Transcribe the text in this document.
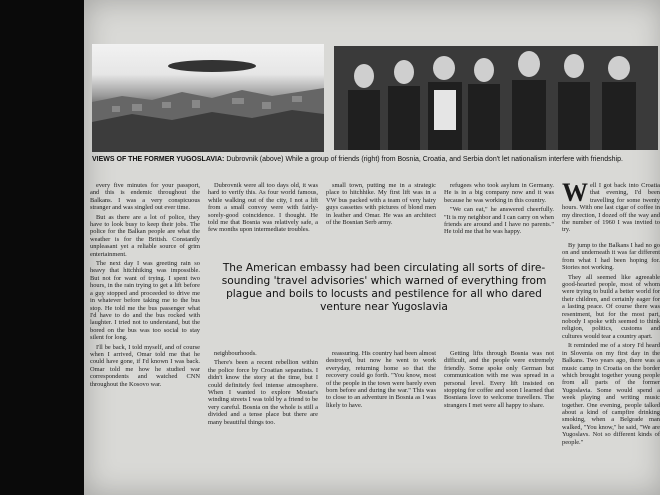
VIEWS OF THE FORMER YUGOSLAVIA: Dubrovnik (above) While a group of friends (right) from Bosnia, Croatia, and Serbia don't let nationalism interfere with friendship.

every five minutes for your passport, and this is endemic throughout the Balkans. I was a very conspicuous stranger and was singled out ever time.

But as there are a lot of police, they have to look busy to keep their jobs. The police for the Balkan people are what the weather is for the British. Constantly unpleasant yet a reliable source of grim entertainment.

The next day I was greeting rain so heavy that hitchhiking was impossible. But not for want of trying. I spent two hours, in the rain trying to get a lift before a guy stopped and proceeded to drive me in whatever before taking me to the bus stop. He told me the bus passenger what I'd have to do and the bus rocked with laughter. I tried not to understand, but the bored on the bus was too social to stay silent for long.

I'll be back, I told myself, and of course when I arrived, Omar told me that he could have gone, if I'd known I was back. Omar told me how he studied war correspondents and watched CNN throughout the Kosovo war.

Dubrovnik were all too days old, it was hard to verify this. As four world famous, while walking out of the city, I not a lift from a small convoy were with fairly-sorely-good coincidence. I thought. He told me that Bosnia was relatively safe, a few months upon intermediate troubles.

small town, putting me in a strategic place to hitchhike. My first lift was in a VW bus packed with a team of very hairy guys cassettes with pictures of blond men in leather and Omar. He was an architect of the Bosnian Serb army.

refugees who took asylum in Germany. He is in a big company now and it was because he was working in this country.

"We can eat," he answered cheerfully. "It is my neighbor and I can carry on when friends are around and I have no parents." He told me that he was happy.

W ell I got back into Croatia that evening, I'd been travelling for some twenty hours. With one last cigar of coffee in my direction, I dozed off the way and the number of 1960 I was invited to try.

By jump to the Balkans I had no go on and underneath it was far different from what I had been hoping for. Stories not working.

They all seemed like agreeable good-hearted people, most of whom were trying to build a better world for their children, and certainly eager for a lasting peace. Of course there was resentment, but for the most part, nobody I spoke with seemed to think religion, politics, customs and cultures would tear a country apart.

It reminded me of a story I'd heard in Slovenia on my first day in the Balkans. Two years ago, there was a music camp in Croatia on the border which brought together young people from all parts of the former Yugoslavia. Some would spend a week playing and writing music together. One evening, people talked about a kind of campfire drinking smoking, when a Belgrade man walked, "You know," he said, "We are Yugoslavs. Not so different kinds of people."

The American embassy had been circulating all sorts of dire-sounding 'travel advisories' which warned of everything from plague and boils to locusts and pestilence for all who dared venture near Yugoslavia

neighbourhoods.

There's been a recent rebellion within the police force by Croatian separatists. I didn't know the story at the time, but I could definitely feel intense atmosphere. When I wanted to explore Mostar's winding streets I was told by a friend to be very careful. Bosnia on the whole is still a divided and a tense place but there are many beautiful things too.

reassuring. His country had been almost destroyed, but now he went to work everyday, returning home so that the recovery could go forth. "You know, most of the people in the town were barely even born before and during the war." This was to close to an adventure in Bosnia as I was likely to have.

Getting lifts through Bosnia was not difficult, and the people were extremely friendly. Some spoke only German but communication with me was spread in a personal level. Every lift insisted on stopping for coffee and soon I learned that Bosnians love to welcome travellers. The strangers I met were all happy to share.
